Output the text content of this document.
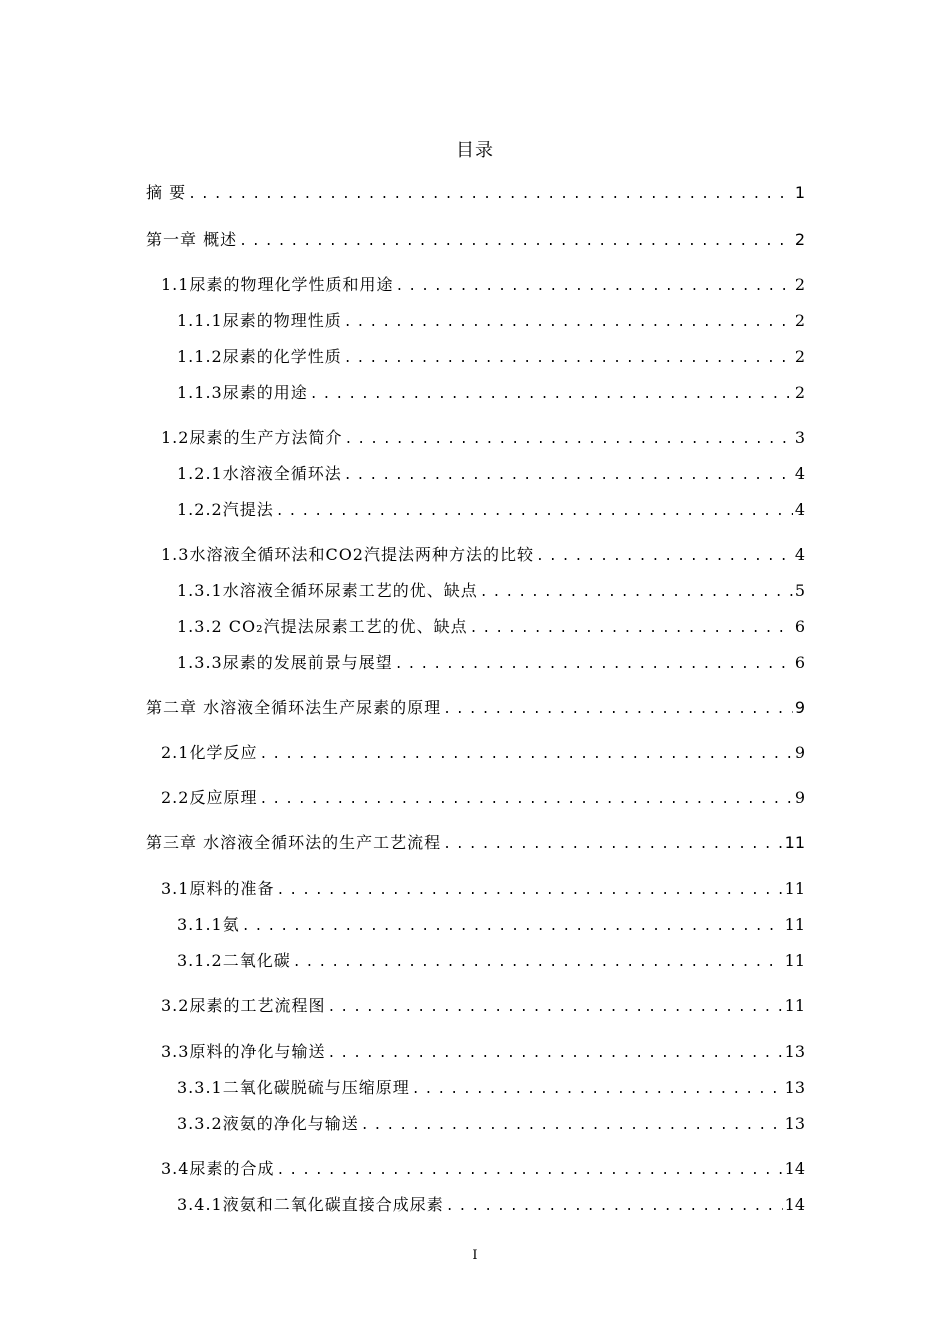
目录
摘 要 .....	1
第一章 概述 .....	2
1.1尿素的物理化学性质和用途 .....	2
1.1.1尿素的物理性质 .....	2
1.1.2尿素的化学性质 .....	2
1.1.3尿素的用途 .....	2
1.2尿素的生产方法简介 .....	3
1.2.1水溶液全循环法 .....	4
1.2.2汽提法 .....	4
1.3水溶液全循环法和CO2汽提法两种方法的比较 .....	4
1.3.1水溶液全循环尿素工艺的优、缺点 .....	5
1.3.2 CO₂汽提法尿素工艺的优、缺点 .....	6
1.3.3尿素的发展前景与展望 .....	6
第二章 水溶液全循环法生产尿素的原理 .....	9
2.1化学反应 .....	9
2.2反应原理 .....	9
第三章 水溶液全循环法的生产工艺流程 .....	11
3.1原料的准备 .....	11
3.1.1氨 .....	11
3.1.2二氧化碳 .....	11
3.2尿素的工艺流程图 .....	11
3.3原料的净化与输送 .....	13
3.3.1二氧化碳脱硫与压缩原理 .....	13
3.3.2液氨的净化与输送 .....	13
3.4尿素的合成 .....	14
3.4.1液氨和二氧化碳直接合成尿素 .....	14
I
